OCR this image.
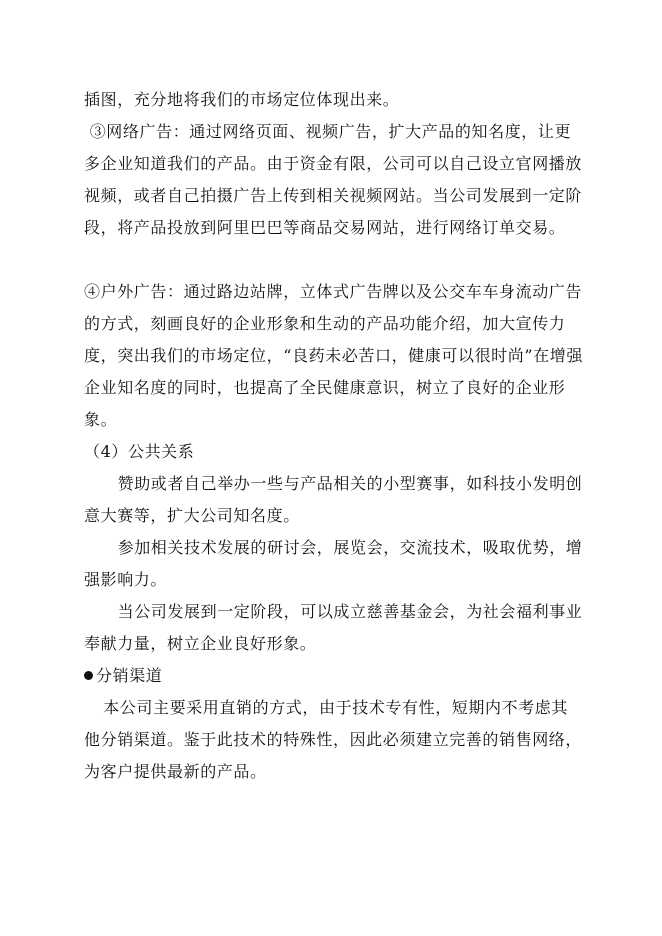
插图，充分地将我们的市场定位体现出来。

③网络广告：通过网络页面、视频广告，扩大产品的知名度，让更多企业知道我们的产品。由于资金有限，公司可以自己设立官网播放视频，或者自己拍摄广告上传到相关视频网站。当公司发展到一定阶段，将产品投放到阿里巴巴等商品交易网站，进行网络订单交易。

④户外广告：通过路边站牌，立体式广告牌以及公交车车身流动广告的方式，刻画良好的企业形象和生动的产品功能介绍，加大宣传力度，突出我们的市场定位，“良药未必苦口，健康可以很时尚”在增强企业知名度的同时，也提高了全民健康意识，树立了良好的企业形象。

（4）公共关系

赞助或者自己举办一些与产品相关的小型赛事，如科技小发明创意大赛等，扩大公司知名度。

参加相关技术发展的研讨会，展览会，交流技术，吸取优势，增强影响力。

当公司发展到一定阶段，可以成立慈善基金会，为社会福利事业奉献力量，树立企业良好形象。

分销渠道

本公司主要采用直销的方式，由于技术专有性，短期内不考虑其他分销渠道。鉴于此技术的特殊性，因此必须建立完善的销售网络，为客户提供最新的产品。
